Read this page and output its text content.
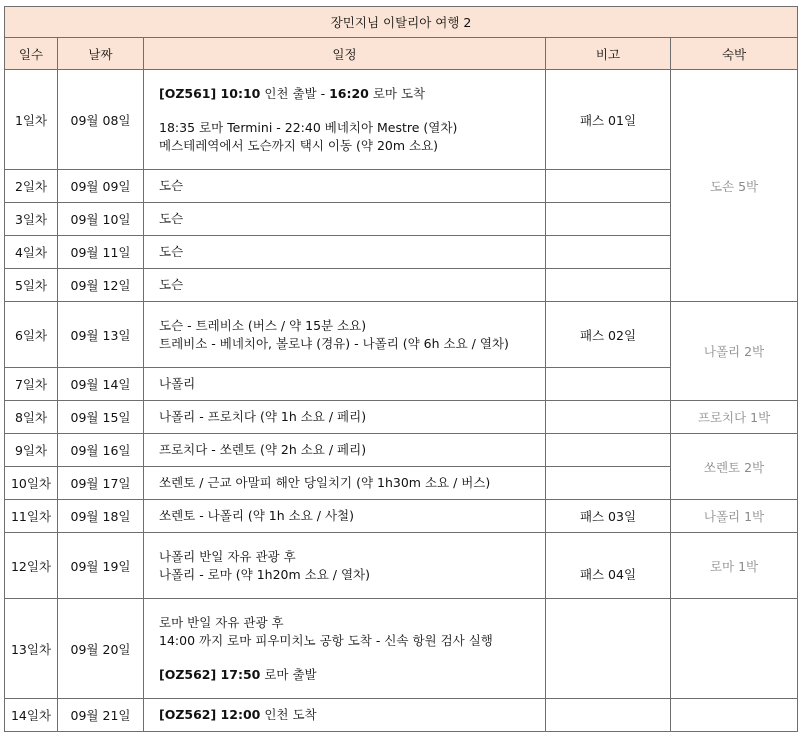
장민지님 이탈리아 여행 2				
일수	날짜	일정	비고	숙박
1일차	09월 08일	[OZ561] 10:10 인천 출발 - 16:20 로마 도착
18:35 로마 Termini - 22:40 베네치아 Mestre (열차)
메스테레역에서 도슨까지 택시 이동 (약 20m 소요)	패스 01일	도손 5박
2일차	09월 09일	도슨		

3일차	09월 10일	도슨		

4일차	09월 11일	도슨		

5일차	09월 12일	도슨		

6일차	09월 13일	도슨 - 트레비소 (버스 / 약 15분 소요)
트레비소 - 베네치아, 볼로냐 (경유) - 나폴리 (약 6h 소요 / 열차)	패스 02일	나폴리 2박
7일차	09월 14일	나폴리		

8일차	09월 15일	나폴리 - 프로치다 (약 1h 소요 / 페리)		프로치다 1박
9일차	09월 16일	프로치다 - 쏘렌토 (약 2h 소요 / 페리)		쏘렌토 2박
10일차	09월 17일	쏘렌토 / 근교 아말피 해안 당일치기 (약 1h30m 소요 / 버스)		

11일차	09월 18일	쏘렌토 - 나폴리 (약 1h 소요 / 사철)	패스 03일	나폴리 1박
12일차	09월 19일	나폴리 반일 자유 관광 후
나폴리 - 로마 (약 1h20m 소요 / 열차)	패스 04일	로마 1박
13일차	09월 20일	로마 반일 자유 관광 후
14:00 까지 로마 피우미치노 공항 도착 - 신속 항원 검사 실행
[OZ562] 17:50 로마 출발		

14일차	09월 21일	[OZ562] 12:00 인천 도착		
